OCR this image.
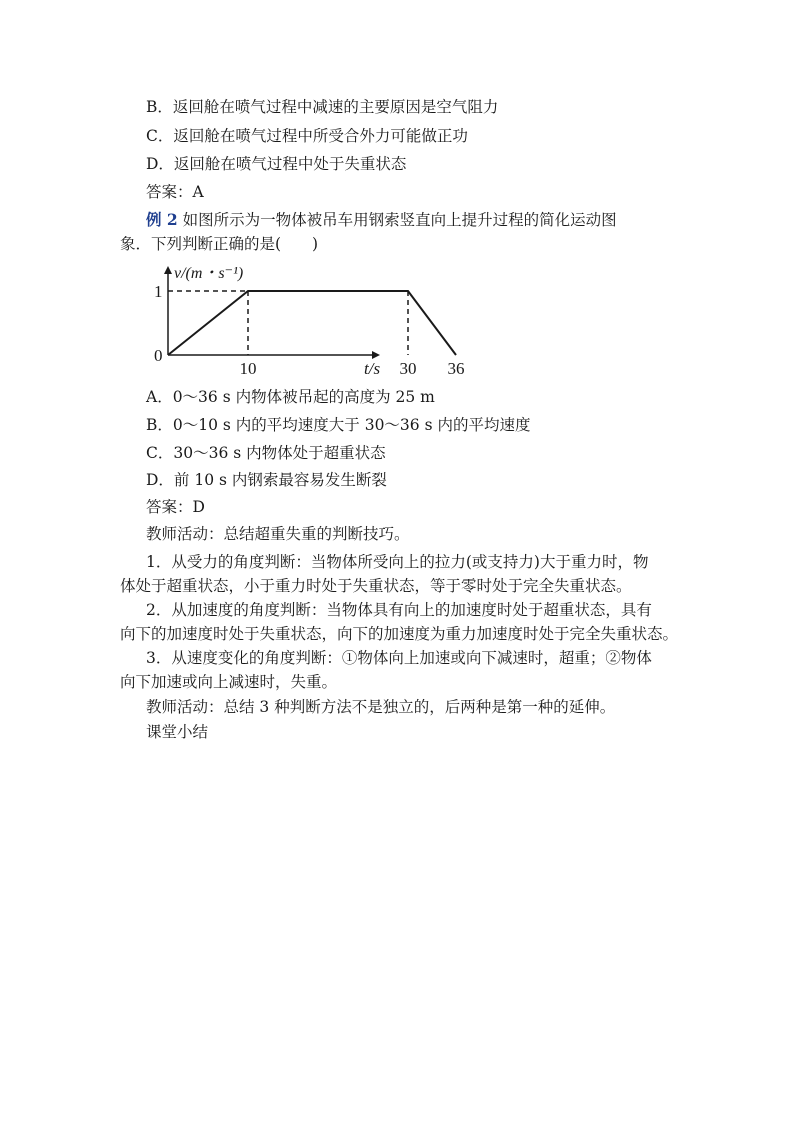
B．返回舱在喷气过程中减速的主要原因是空气阻力
C．返回舱在喷气过程中所受合外力可能做正功
D．返回舱在喷气过程中处于失重状态
答案：A
例 2 如图所示为一物体被吊车用钢索竖直向上提升过程的简化运动图
象．下列判断正确的是(　　)
v/(m・s⁻¹)
1
0
10	30 36
t/s
A．0～36 s 内物体被吊起的高度为 25 m
B．0～10 s 内的平均速度大于 30～36 s 内的平均速度
C．30～36 s 内物体处于超重状态
D．前 10 s 内钢索最容易发生断裂
答案：D
教师活动：总结超重失重的判断技巧。
1．从受力的角度判断：当物体所受向上的拉力(或支持力)大于重力时，物
体处于超重状态，小于重力时处于失重状态，等于零时处于完全失重状态。
2．从加速度的角度判断：当物体具有向上的加速度时处于超重状态，具有
向下的加速度时处于失重状态，向下的加速度为重力加速度时处于完全失重状态。
3．从速度变化的角度判断：①物体向上加速或向下减速时，超重；②物体
向下加速或向上减速时，失重。
教师活动：总结 3 种判断方法不是独立的，后两种是第一种的延伸。
课堂小结
